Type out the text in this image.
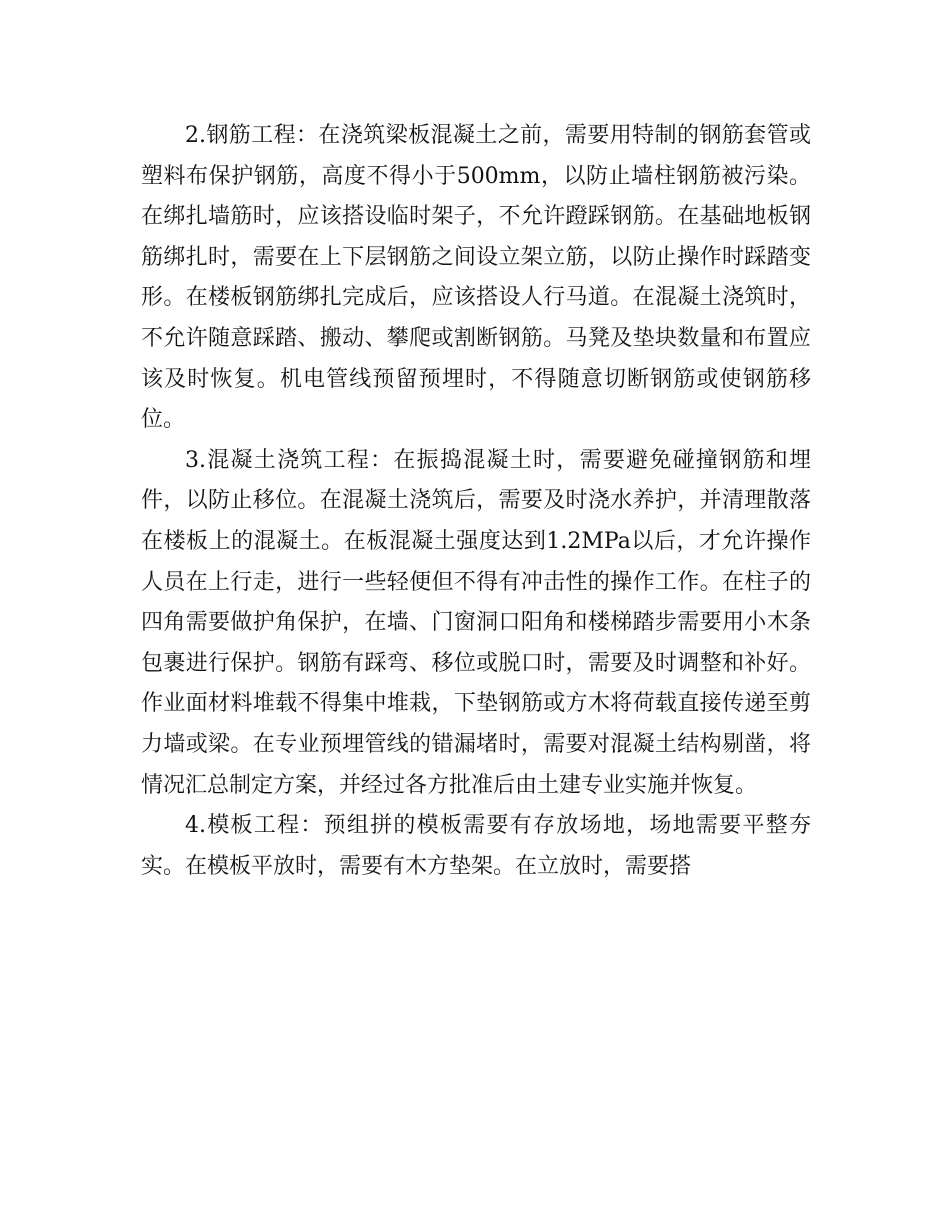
2.钢筋工程：在浇筑梁板混凝土之前，需要用特制的钢筋套管或塑料布保护钢筋，高度不得小于500mm，以防止墙柱钢筋被污染。在绑扎墙筋时，应该搭设临时架子，不允许蹬踩钢筋。在基础地板钢筋绑扎时，需要在上下层钢筋之间设立架立筋，以防止操作时踩踏变形。在楼板钢筋绑扎完成后，应该搭设人行马道。在混凝土浇筑时，不允许随意踩踏、搬动、攀爬或割断钢筋。马凳及垫块数量和布置应该及时恢复。机电管线预留预埋时，不得随意切断钢筋或使钢筋移位。

3.混凝土浇筑工程：在振捣混凝土时，需要避免碰撞钢筋和埋件，以防止移位。在混凝土浇筑后，需要及时浇水养护，并清理散落在楼板上的混凝土。在板混凝土强度达到1.2MPa以后，才允许操作人员在上行走，进行一些轻便但不得有冲击性的操作工作。在柱子的四角需要做护角保护，在墙、门窗洞口阳角和楼梯踏步需要用小木条包裹进行保护。钢筋有踩弯、移位或脱口时，需要及时调整和补好。作业面材料堆载不得集中堆栽，下垫钢筋或方木将荷载直接传递至剪力墙或梁。在专业预埋管线的错漏堵时，需要对混凝土结构剔凿，将情况汇总制定方案，并经过各方批准后由土建专业实施并恢复。

4.模板工程：预组拼的模板需要有存放场地，场地需要平整夯实。在模板平放时，需要有木方垫架。在立放时，需要搭
